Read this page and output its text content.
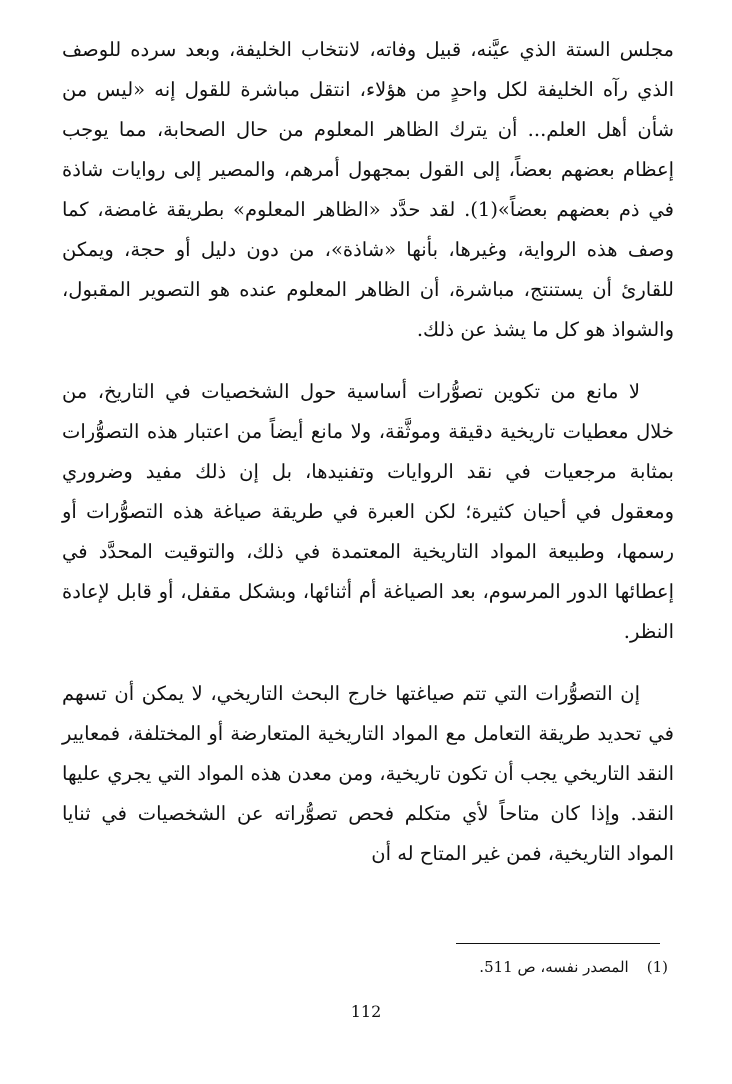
مجلس الستة الذي عيَّنه، قبيل وفاته، لانتخاب الخليفة، وبعد سرده للوصف الذي رآه الخليفة لكل واحدٍ من هؤلاء، انتقل مباشرة للقول إنه «ليس من شأن أهل العلم... أن يترك الظاهر المعلوم من حال الصحابة، مما يوجب إعظام بعضهم بعضاً، إلى القول بمجهول أمرهم، والمصير إلى روايات شاذة في ذم بعضهم بعضاً»(1). لقد حدَّد «الظاهر المعلوم» بطريقة غامضة، كما وصف هذه الرواية، وغيرها، بأنها «شاذة»، من دون دليل أو حجة، ويمكن للقارئ أن يستنتج، مباشرة، أن الظاهر المعلوم عنده هو التصوير المقبول، والشواذ هو كل ما يشذ عن ذلك.

لا مانع من تكوين تصوُّرات أساسية حول الشخصيات في التاريخ، من خلال معطيات تاريخية دقيقة وموثَّقة، ولا مانع أيضاً من اعتبار هذه التصوُّرات بمثابة مرجعيات في نقد الروايات وتفنيدها، بل إن ذلك مفيد وضروري ومعقول في أحيان كثيرة؛ لكن العبرة في طريقة صياغة هذه التصوُّرات أو رسمها، وطبيعة المواد التاريخية المعتمدة في ذلك، والتوقيت المحدَّد في إعطائها الدور المرسوم، بعد الصياغة أم أثنائها، وبشكل مقفل، أو قابل لإعادة النظر.

إن التصوُّرات التي تتم صياغتها خارج البحث التاريخي، لا يمكن أن تسهم في تحديد طريقة التعامل مع المواد التاريخية المتعارضة أو المختلفة، فمعايير النقد التاريخي يجب أن تكون تاريخية، ومن معدن هذه المواد التي يجري عليها النقد. وإذا كان متاحاً لأي متكلم فحص تصوُّراته عن الشخصيات في ثنايا المواد التاريخية، فمن غير المتاح له أن

(1)المصدر نفسه، ص 511.
112
